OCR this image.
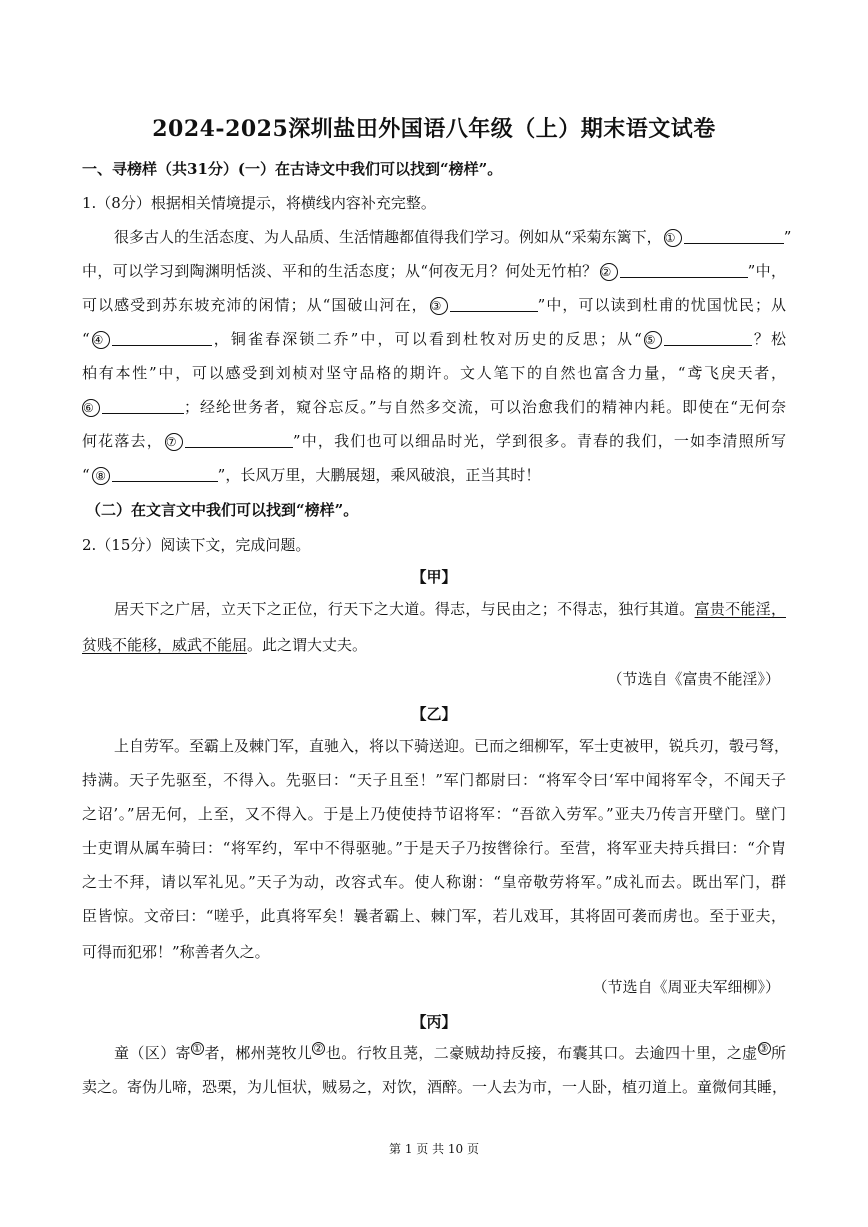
2024-2025深圳盐田外国语八年级（上）期末语文试卷
一、寻榜样（共31分）(一）在古诗文中我们可以找到“榜样”。
1.（8分）根据相关情境提示，将横线内容补充完整。
很多古人的生活态度、为人品质、生活情趣都值得我们学习。例如从“采菊东篱下， ①	”
中，可以学习到陶渊明恬淡、平和的生活态度；从“何夜无月？何处无竹柏？ ②	”中，
可以感受到苏东坡充沛的闲情；从“国破山河在， ③	”中，可以读到杜甫的忧国忧民；从
“ ④	，铜雀春深锁二乔”中，可以看到杜牧对历史的反思；从“ ⑤	？松
柏有本性”中，可以感受到刘桢对坚守品格的期许。文人笔下的自然也富含力量，“鸢飞戾天者，
⑥	；经纶世务者，窥谷忘反。”与自然多交流，可以治愈我们的精神内耗。即使在“无何奈
何花落去， ⑦	”中，我们也可以细品时光，学到很多。青春的我们，一如李清照所写
“ ⑧	”，长风万里，大鹏展翅，乘风破浪，正当其时！
（二）在文言文中我们可以找到“榜样”。
2.（15分）阅读下文，完成问题。
【甲】
居天下之广居，立天下之正位，行天下之大道。得志，与民由之；不得志，独行其道。富贵不能淫，
贫贱不能移，威武不能屈。此之谓大丈夫。
（节选自《富贵不能淫》）
【乙】
上自劳军。至霸上及棘门军，直驰入，将以下骑送迎。已而之细柳军，军士吏被甲，锐兵刃，彀弓弩，
持满。天子先驱至，不得入。先驱曰：“天子且至！”军门都尉曰：“将军令曰‘军中闻将军令，不闻天子
之诏’。”居无何，上至，又不得入。于是上乃使使持节诏将军：“吾欲入劳军。”亚夫乃传言开壁门。壁门
士吏谓从属车骑曰：“将军约，军中不得驱驰。”于是天子乃按辔徐行。至营，将军亚夫持兵揖曰：“介胄
之士不拜，请以军礼见。”天子为动，改容式车。使人称谢：“皇帝敬劳将军。”成礼而去。既出军门，群
臣皆惊。文帝曰：“嗟乎，此真将军矣！曩者霸上、棘门军，若儿戏耳，其将固可袭而虏也。至于亚夫，
可得而犯邪！”称善者久之。
（节选自《周亚夫军细柳》）
【丙】
童（区）寄① 者，郴州荛牧儿② 也。行牧且荛，二豪贼劫持反接，布囊其口。去逾四十里，之虚③ 所
卖之。寄伪儿啼，恐栗，为儿恒状，贼易之，对饮，酒醉。一人去为市，一人卧，植刃道上。童微伺其睡，
第 1 页 共 10 页
